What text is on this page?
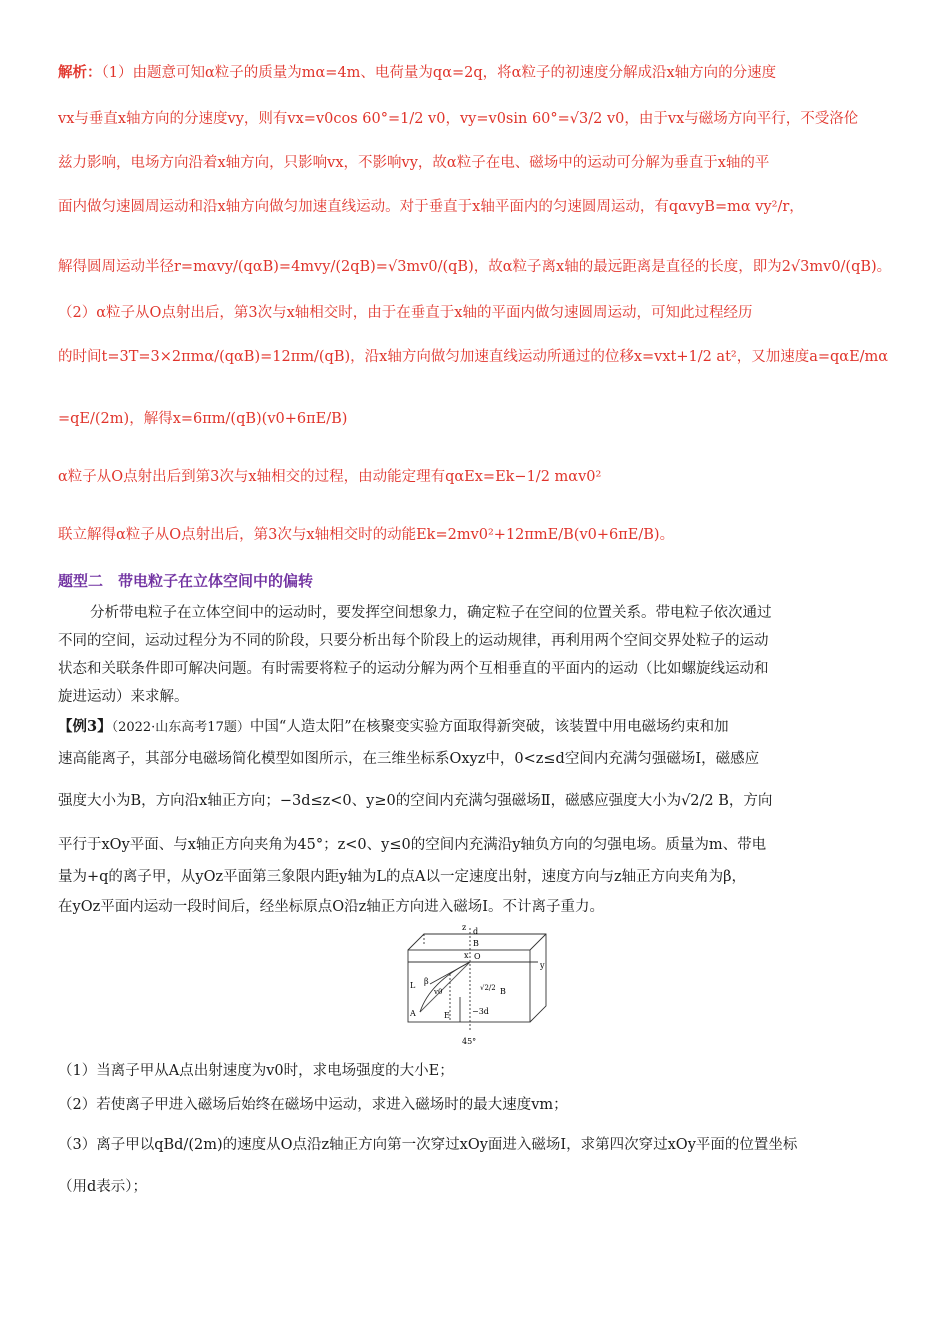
解析：（1）由题意可知α粒子的质量为mα=4m、电荷量为qα=2q，将α粒子的初速度分解成沿x轴方向的分速度
vx与垂直x轴方向的分速度vy，则有vx=v0cos 60°=1/2 v0，vy=v0sin 60°=√3/2 v0，由于vx与磁场方向平行，不受洛伦
兹力影响，电场方向沿着x轴方向，只影响vx，不影响vy，故α粒子在电、磁场中的运动可分解为垂直于x轴的平
面内做匀速圆周运动和沿x轴方向做匀加速直线运动。对于垂直于x轴平面内的匀速圆周运动，有qαvyB=mα vy²/r，
解得圆周运动半径r=mαvy/(qαB)=4mvy/(2qB)=√3mv0/(qB)，故α粒子离x轴的最远距离是直径的长度，即为2√3mv0/(qB)。
（2）α粒子从O点射出后，第3次与x轴相交时，由于在垂直于x轴的平面内做匀速圆周运动，可知此过程经历
的时间t=3T=3×2πmα/(qαB)=12πm/(qB)，沿x轴方向做匀加速直线运动所通过的位移x=vxt+1/2 at²，又加速度a=qαE/mα
=qE/(2m)，解得x=6πm/(qB)(v0+6πE/B)
α粒子从O点射出后到第3次与x轴相交的过程，由动能定理有qαEx=Ek−1/2 mαv0²
联立解得α粒子从O点射出后，第3次与x轴相交时的动能Ek=2mv0²+12πmE/B(v0+6πE/B)。
题型二　带电粒子在立体空间中的偏转
分析带电粒子在立体空间中的运动时，要发挥空间想象力，确定粒子在空间的位置关系。带电粒子依次通过
不同的空间，运动过程分为不同的阶段，只要分析出每个阶段上的运动规律，再利用两个空间交界处粒子的运动
状态和关联条件即可解决问题。有时需要将粒子的运动分解为两个互相垂直的平面内的运动（比如螺旋线运动和
旋进运动）来求解。
【例3】（2022·山东高考17题）中国“人造太阳”在核聚变实验方面取得新突破，该装置中用电磁场约束和加
速高能离子，其部分电磁场简化模型如图所示，在三维坐标系Oxyz中，0<z≤d空间内充满匀强磁场Ⅰ，磁感应
强度大小为B，方向沿x轴正方向；−3d≤z<0、y≥0的空间内充满匀强磁场Ⅱ，磁感应强度大小为√2/2 B，方向
平行于xOy平面、与x轴正方向夹角为45°；z<0、y≤0的空间内充满沿y轴负方向的匀强电场。质量为m、带电
量为+q的离子甲，从yOz平面第三象限内距y轴为L的点A以一定速度出射，速度方向与z轴正方向夹角为β，
在yOz平面内运动一段时间后，经坐标原点O沿z轴正方向进入磁场Ⅰ。不计离子重力。
z d
B
x O
y
L β
v0
A	E
√2/2 B
−3d
45°
（1）当离子甲从A点出射速度为v0时，求电场强度的大小E；
（2）若使离子甲进入磁场后始终在磁场中运动，求进入磁场时的最大速度vm；
（3）离子甲以qBd/(2m)的速度从O点沿z轴正方向第一次穿过xOy面进入磁场Ⅰ，求第四次穿过xOy平面的位置坐标
（用d表示）；
